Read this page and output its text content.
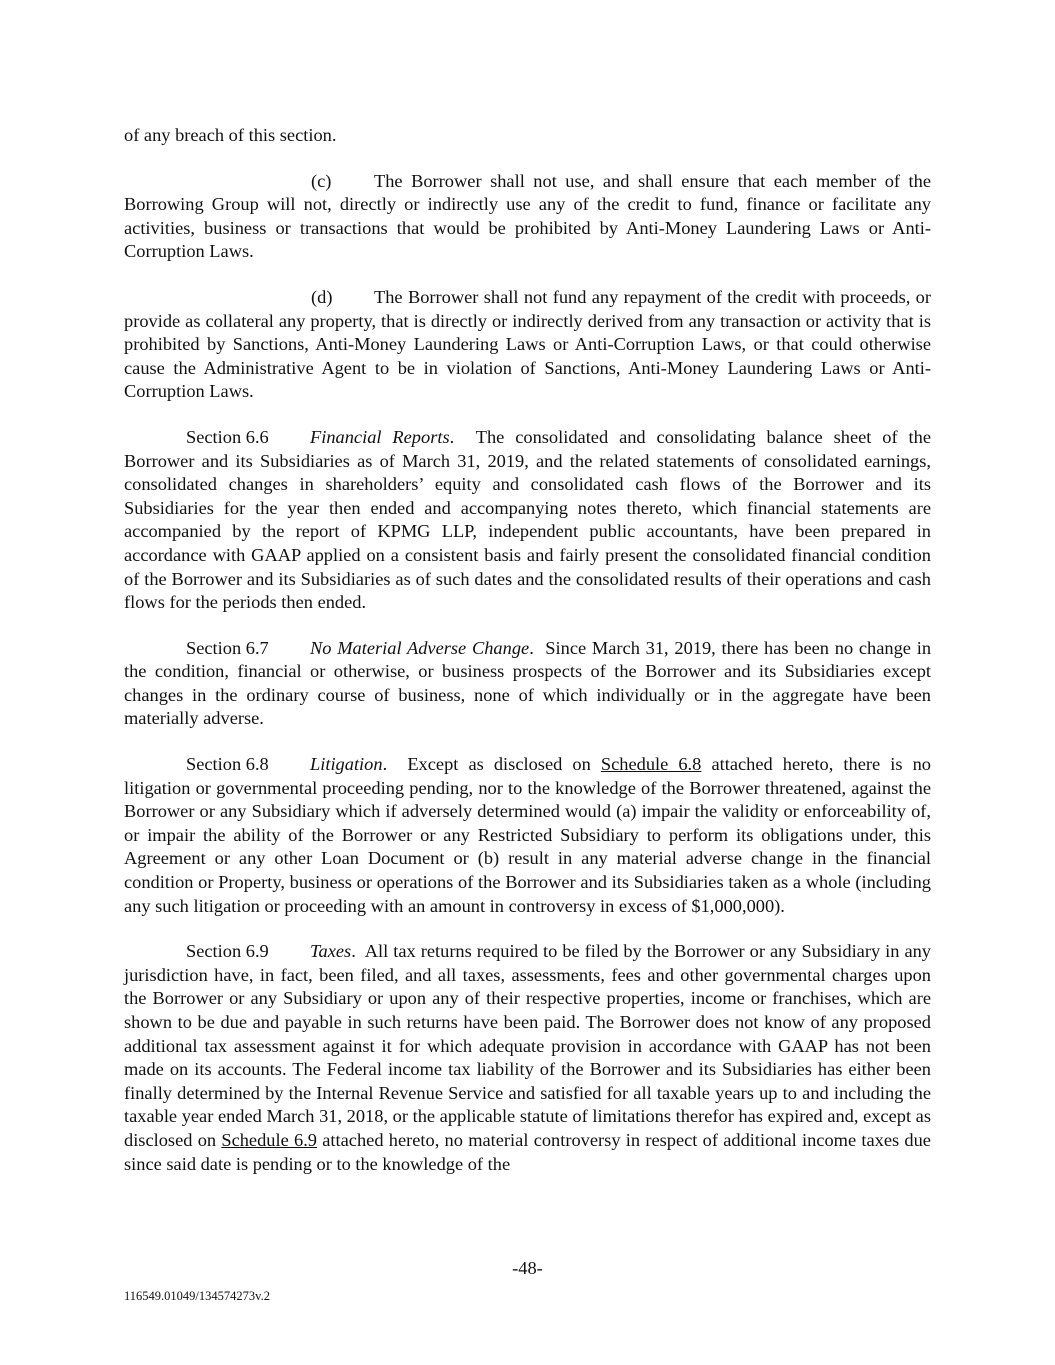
of any breach of this section.

(c) The Borrower shall not use, and shall ensure that each member of the Borrowing Group will not, directly or indirectly use any of the credit to fund, finance or facilitate any activities, business or transactions that would be prohibited by Anti-Money Laundering Laws or Anti-Corruption Laws.

(d) The Borrower shall not fund any repayment of the credit with proceeds, or provide as collateral any property, that is directly or indirectly derived from any transaction or activity that is prohibited by Sanctions, Anti-Money Laundering Laws or Anti-Corruption Laws, or that could otherwise cause the Administrative Agent to be in violation of Sanctions, Anti-Money Laundering Laws or Anti-Corruption Laws.

Section 6.6 Financial Reports.  The consolidated and consolidating balance sheet of the Borrower and its Subsidiaries as of March 31, 2019, and the related statements of consolidated earnings, consolidated changes in shareholders’ equity and consolidated cash flows of the Borrower and its Subsidiaries for the year then ended and accompanying notes thereto, which financial statements are accompanied by the report of KPMG LLP, independent public accountants, have been prepared in accordance with GAAP applied on a consistent basis and fairly present the consolidated financial condition of the Borrower and its Subsidiaries as of such dates and the consolidated results of their operations and cash flows for the periods then ended.

Section 6.7 No Material Adverse Change.  Since March 31, 2019, there has been no change in the condition, financial or otherwise, or business prospects of the Borrower and its Subsidiaries except changes in the ordinary course of business, none of which individually or in the aggregate have been materially adverse.

Section 6.8 Litigation.  Except as disclosed on Schedule 6.8 attached hereto, there is no litigation or governmental proceeding pending, nor to the knowledge of the Borrower threatened, against the Borrower or any Subsidiary which if adversely determined would (a) impair the validity or enforceability of, or impair the ability of the Borrower or any Restricted Subsidiary to perform its obligations under, this Agreement or any other Loan Document or (b) result in any material adverse change in the financial condition or Property, business or operations of the Borrower and its Subsidiaries taken as a whole (including any such litigation or proceeding with an amount in controversy in excess of $1,000,000).

Section 6.9 Taxes.  All tax returns required to be filed by the Borrower or any Subsidiary in any jurisdiction have, in fact, been filed, and all taxes, assessments, fees and other governmental charges upon the Borrower or any Subsidiary or upon any of their respective properties, income or franchises, which are shown to be due and payable in such returns have been paid. The Borrower does not know of any proposed additional tax assessment against it for which adequate provision in accordance with GAAP has not been made on its accounts. The Federal income tax liability of the Borrower and its Subsidiaries has either been finally determined by the Internal Revenue Service and satisfied for all taxable years up to and including the taxable year ended March 31, 2018, or the applicable statute of limitations therefor has expired and, except as disclosed on Schedule 6.9 attached hereto, no material controversy in respect of additional income taxes due since said date is pending or to the knowledge of the

-48-
116549.01049/134574273v.2
